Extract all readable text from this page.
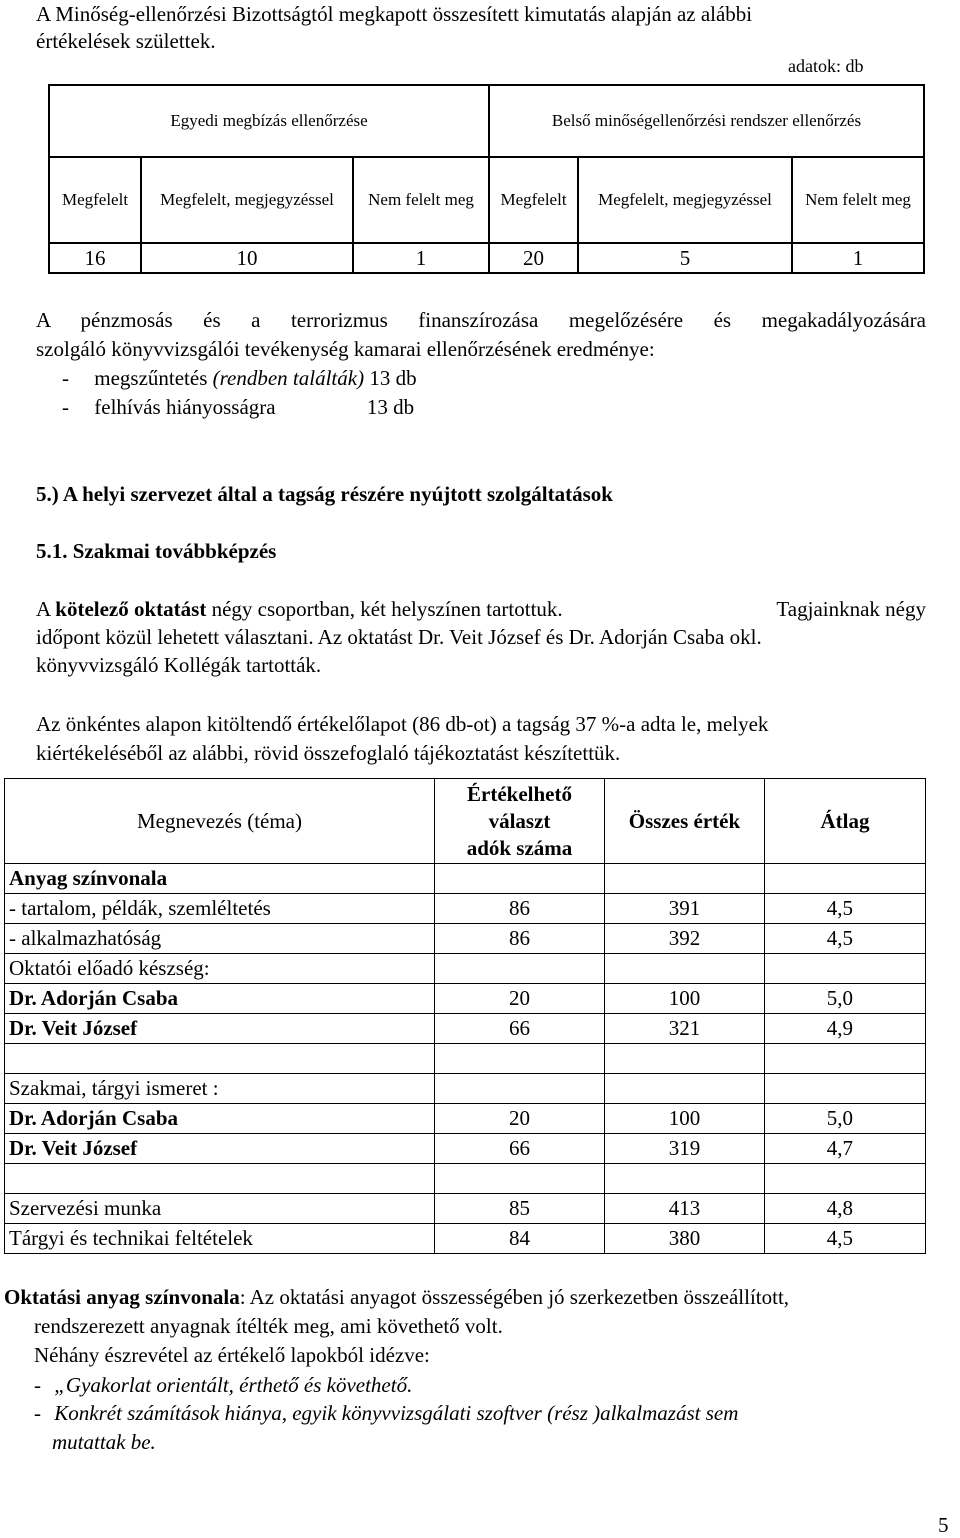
A Minőség-ellenőrzési Bizottságtól megkapott összesített kimutatás alapján az alábbi
értékelések születtek.
adatok: db
Egyedi megbízás ellenőrzése			Belső minőségellenőrzési rendszer ellenőrzés		
Megfelelt	Megfelelt, megjegyzéssel	Nem felelt meg	Megfelelt	Megfelelt, megjegyzéssel	Nem felelt meg
16	10	1	20	5	1
A pénzmosás és a terrorizmus finanszírozása megelőzésére és megakadályozására
szolgáló könyvvizsgálói tevékenység kamarai ellenőrzésének eredménye:
- megszűntetés (rendben találták) 13 db
- felhívás hiányosságra	13 db
5.) A helyi szervezet által a tagság részére nyújtott szolgáltatások
5.1. Szakmai továbbképzés
A kötelező oktatást négy csoportban, két helyszínen tartottuk.	Tagjainknak négy
időpont közül lehetett választani. Az oktatást Dr. Veit József és Dr. Adorján Csaba okl.
könyvvizsgáló Kollégák tartották.
Az önkéntes alapon kitöltendő értékelőlapot (86 db-ot) a tagság 37 %-a adta le, melyek
kiértékeléséből az alábbi, rövid összefoglaló tájékoztatást készítettük.
Megnevezés (téma)	Értékelhető
választ
adók száma	Összes érték	Átlag
Anyag színvonala			
- tartalom, példák, szemléltetés	86	391	4,5
- alkalmazhatóság	86	392	4,5
Oktatói előadó készség:			
Dr. Adorján Csaba	20	100	5,0
Dr. Veit József	66	321	4,9

Szakmai, tárgyi ismeret :			
Dr. Adorján Csaba	20	100	5,0
Dr. Veit József	66	319	4,7

Szervezési munka	85	413	4,8
Tárgyi és technikai feltételek	84	380	4,5
Oktatási anyag színvonala: Az oktatási anyagot összességében jó szerkezetben összeállított,
rendszerezett anyagnak ítélték meg, ami követhető volt.
Néhány észrevétel az értékelő lapokból idézve:
- „Gyakorlat orientált, érthető és követhető.
- Konkrét számítások hiánya, egyik könyvvizsgálati szoftver (rész )alkalmazást sem
mutattak be.
5
